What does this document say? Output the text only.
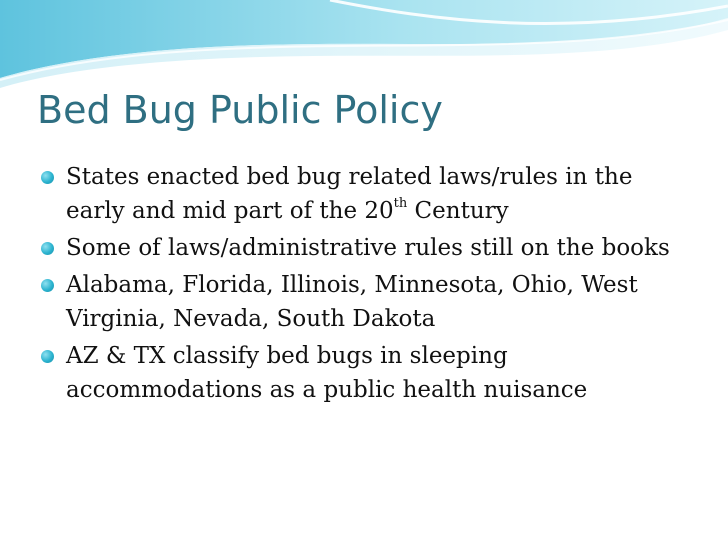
Bed Bug Public Policy
States enacted bed bug related laws/rules in the early and mid part of the 20th Century
Some of laws/administrative rules still on the books
Alabama, Florida, Illinois, Minnesota, Ohio, West Virginia, Nevada, South Dakota
AZ & TX classify bed bugs in sleeping accommodations as a public health nuisance
